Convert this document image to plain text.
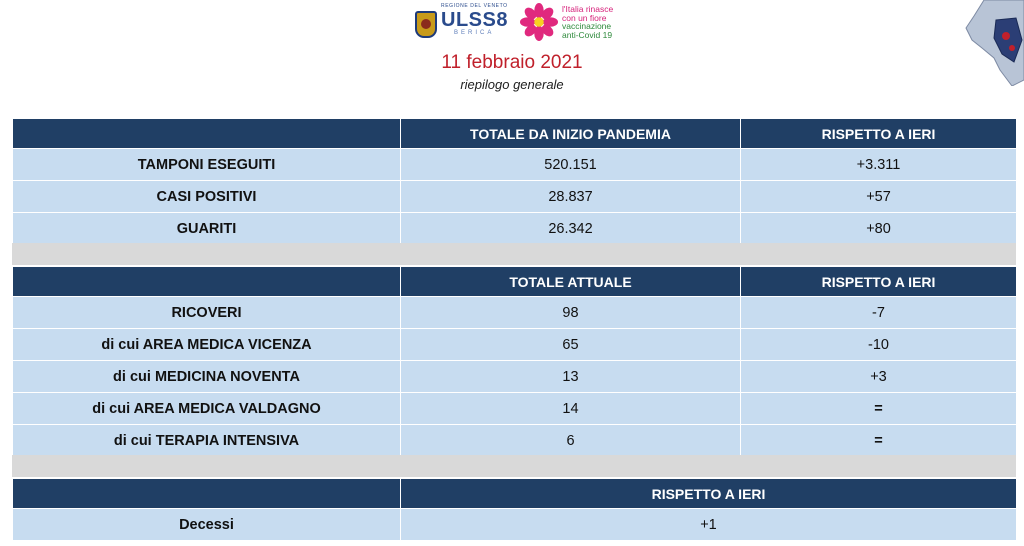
REGIONE DEL VENETO
ULSS8
BERICA
l'Italia rinasce
con un fiore
vaccinazione
anti-Covid 19
11 febbraio 2021
riepilogo generale
	TOTALE DA INIZIO PANDEMIA	RISPETTO A IERI
TAMPONI ESEGUITI	520.151	+3.311
CASI POSITIVI	28.837	+57
GUARITI	26.342	+80
	TOTALE ATTUALE	RISPETTO A IERI
RICOVERI	98	-7
di cui AREA MEDICA VICENZA	65	-10
di cui MEDICINA NOVENTA	13	+3
di cui AREA MEDICA VALDAGNO	14	=
di cui TERAPIA INTENSIVA	6	=
	RISPETTO A IERI
Decessi	+1
